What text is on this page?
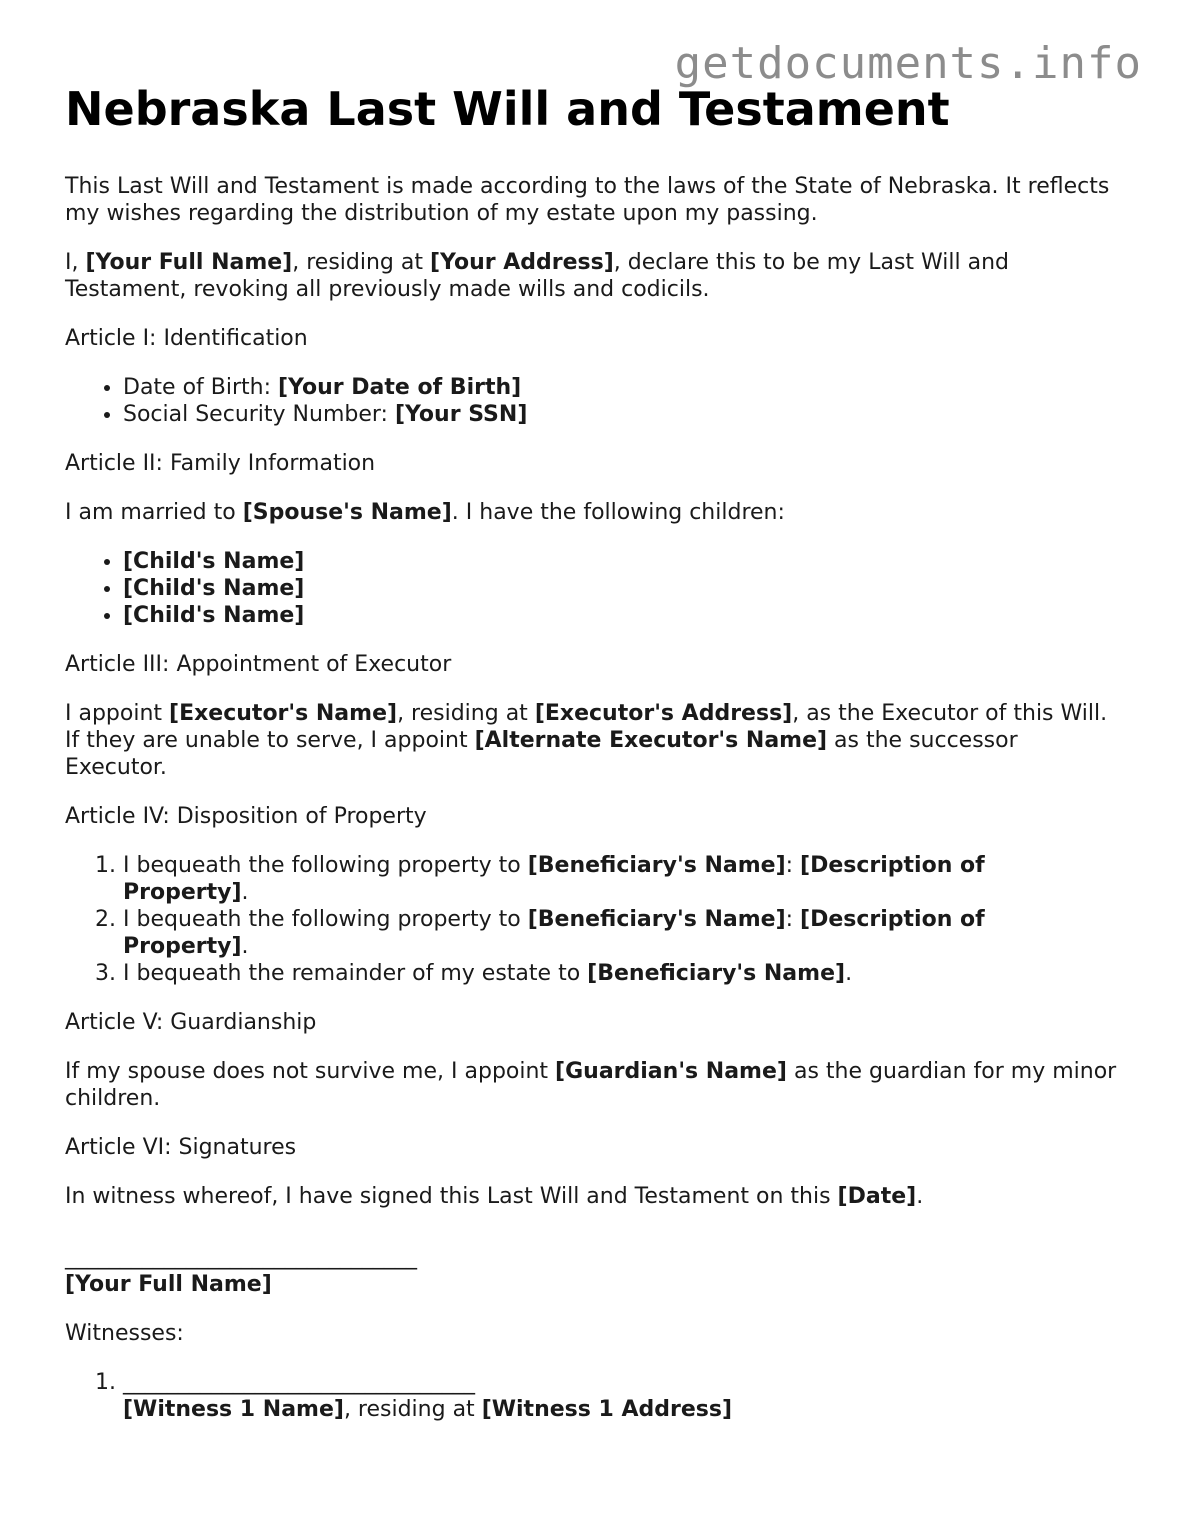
getdocuments.info
Nebraska Last Will and Testament

This Last Will and Testament is made according to the laws of the State of Nebraska. It reflects my wishes regarding the distribution of my estate upon my passing.

I, [Your Full Name], residing at [Your Address], declare this to be my Last Will and Testament, revoking all previously made wills and codicils.

Article I: Identification

• Date of Birth: [Your Date of Birth]
• Social Security Number: [Your SSN]

Article II: Family Information

I am married to [Spouse's Name]. I have the following children:

• [Child's Name]
• [Child's Name]
• [Child's Name]

Article III: Appointment of Executor

I appoint [Executor's Name], residing at [Executor's Address], as the Executor of this Will. If they are unable to serve, I appoint [Alternate Executor's Name] as the successor Executor.

Article IV: Disposition of Property

1. I bequeath the following property to [Beneficiary's Name]: [Description of Property].
2. I bequeath the following property to [Beneficiary's Name]: [Description of Property].
3. I bequeath the remainder of my estate to [Beneficiary's Name].

Article V: Guardianship

If my spouse does not survive me, I appoint [Guardian's Name] as the guardian for my minor children.

Article VI: Signatures

In witness whereof, I have signed this Last Will and Testament on this [Date].

________________________________
[Your Full Name]

Witnesses:

1. ________________________________
[Witness 1 Name], residing at [Witness 1 Address]
